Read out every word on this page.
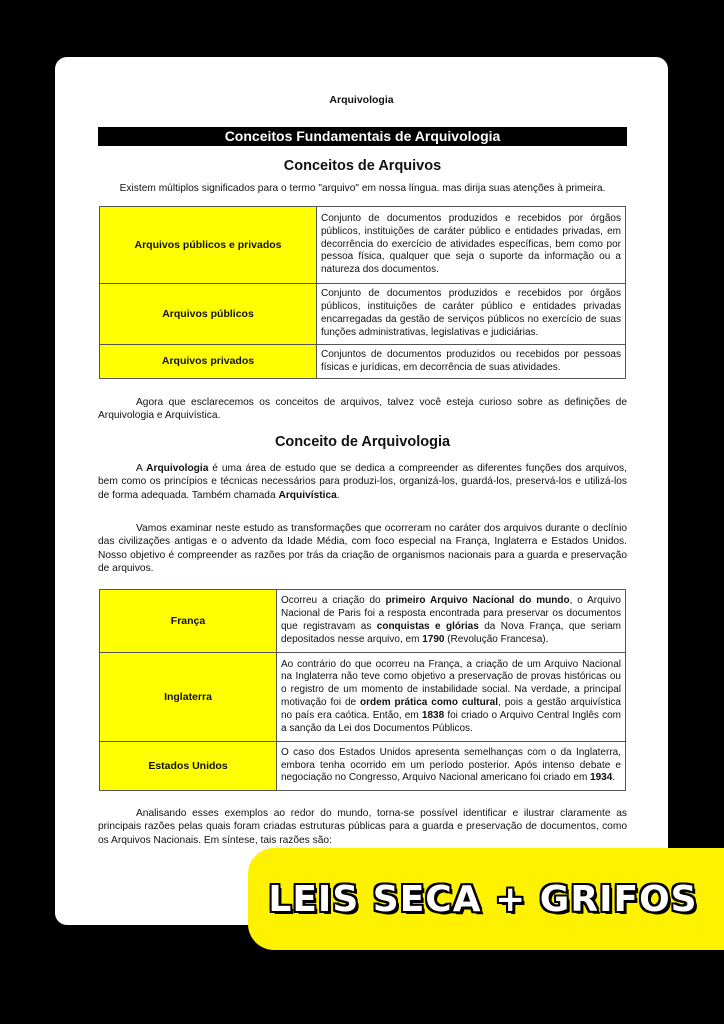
Arquivologia
Conceitos Fundamentais de Arquivologia
Conceitos de Arquivos
Existem múltiplos significados para o termo "arquivo" em nossa língua. mas dirija suas atenções à primeira.
Arquivos públicos e privados	Conjunto de documentos produzidos e recebidos por órgãos públicos, instituições de caráter público e entidades privadas, em decorrência do exercício de atividades específicas, bem como por pessoa física, qualquer que seja o suporte da informação ou a natureza dos documentos.
Arquivos públicos	Conjunto de documentos produzidos e recebidos por órgãos públicos, instituições de caráter público e entidades privadas encarregadas da gestão de serviços públicos no exercício de suas funções administrativas, legislativas e judiciárias.
Arquivos privados	Conjuntos de documentos produzidos ou recebidos por pessoas físicas e jurídicas, em decorrência de suas atividades.
Agora que esclarecemos os conceitos de arquivos, talvez você esteja curioso sobre as definições de Arquivologia e Arquivística.
Conceito de Arquivologia
A Arquivologia é uma área de estudo que se dedica a compreender as diferentes funções dos arquivos, bem como os princípios e técnicas necessários para produzi-los, organizá-los, guardá-los, preservá-los e utilizá-los de forma adequada. Também chamada Arquivística.
Vamos examinar neste estudo as transformações que ocorreram no caráter dos arquivos durante o declínio das civilizações antigas e o advento da Idade Média, com foco especial na França, Inglaterra e Estados Unidos. Nosso objetivo é compreender as razões por trás da criação de organismos nacionais para a guarda e preservação de arquivos.
França	Ocorreu a criação do primeiro Arquivo Nacional do mundo, o Arquivo Nacional de Paris foi a resposta encontrada para preservar os documentos que registravam as conquistas e glórias da Nova França, que seriam depositados nesse arquivo, em 1790 (Revolução Francesa).
Inglaterra	Ao contrário do que ocorreu na França, a criação de um Arquivo Nacional na Inglaterra não teve como objetivo a preservação de provas históricas ou o registro de um momento de instabilidade social. Na verdade, a principal motivação foi de ordem prática como cultural, pois a gestão arquivística no país era caótica. Então, em 1838 foi criado o Arquivo Central Inglês com a sanção da Lei dos Documentos Públicos.
Estados Unidos	O caso dos Estados Unidos apresenta semelhanças com o da Inglaterra, embora tenha ocorrido em um período posterior. Após intenso debate e negociação no Congresso, Arquivo Nacional americano foi criado em 1934.
Analisando esses exemplos ao redor do mundo, torna-se possível identificar e ilustrar claramente as principais razões pelas quais foram criadas estruturas públicas para a guarda e preservação de documentos, como os Arquivos Nacionais. Em síntese, tais razões são:
LEIS SECA + GRIFOS
